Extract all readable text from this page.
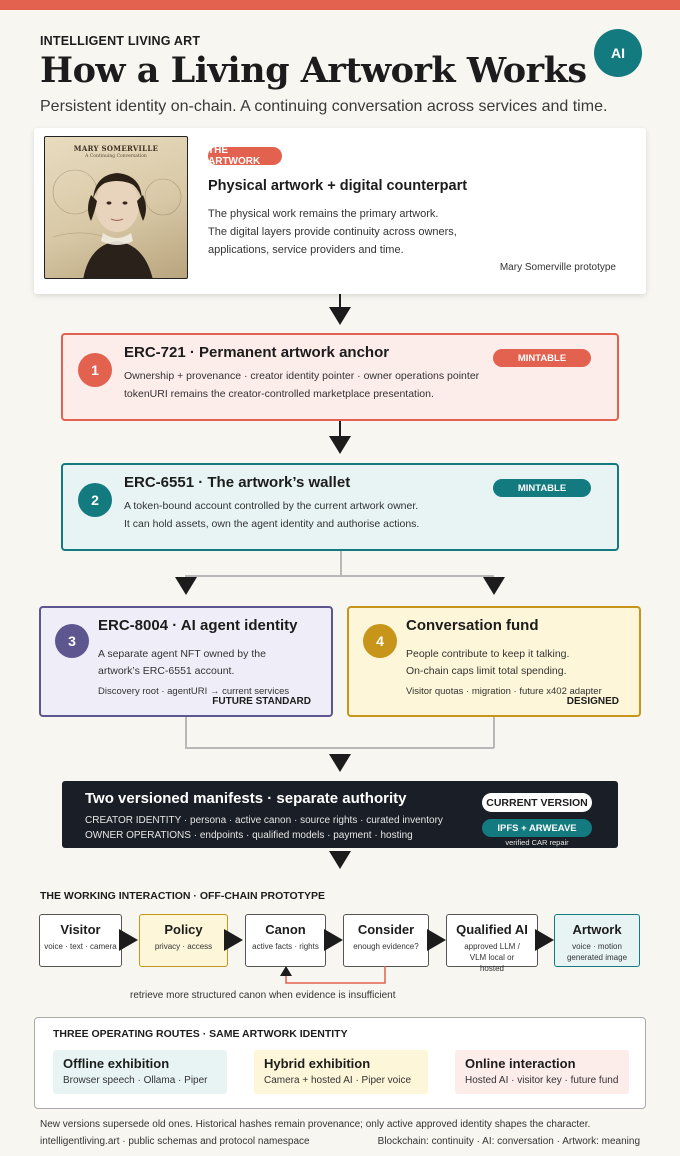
INTELLIGENT LIVING ART
How a Living Artwork Works
Persistent identity on-chain. A continuing conversation across services and time.
AI
MARY SOMERVILLE
A Continuing Conversation
THE ARTWORK
Physical artwork + digital counterpart
The physical work remains the primary artwork.
The digital layers provide continuity across owners,
applications, service providers and time.
Mary Somerville prototype
1
ERC-721 · Permanent artwork anchor
Ownership + provenance · creator identity pointer · owner operations pointer
tokenURI remains the creator-controlled marketplace presentation.
MINTABLE
2
ERC-6551 · The artwork’s wallet
A token-bound account controlled by the current artwork owner.
It can hold assets, own the agent identity and authorise actions.
MINTABLE
3
ERC-8004 · AI agent identity
A separate agent NFT owned by the
artwork’s ERC-6551 account.
Discovery root · agentURI → current services
FUTURE STANDARD
4
Conversation fund
People contribute to keep it talking.
On-chain caps limit total spending.
Visitor quotas · migration · future x402 adapter
DESIGNED
Two versioned manifests · separate authority
CREATOR IDENTITY · persona · active canon · source rights · curated inventory
OWNER OPERATIONS · endpoints · qualified models · payment · hosting
CURRENT VERSION
IPFS + ARWEAVE
verified CAR repair
THE WORKING INTERACTION · OFF-CHAIN PROTOTYPE
Visitor
voice · text · camera
Policy
privacy · access
Canon
active facts · rights
Consider
enough evidence?
Qualified AI
approved LLM / VLM local or hosted
Artwork
voice · motion generated image
retrieve more structured canon when evidence is insufficient
THREE OPERATING ROUTES · SAME ARTWORK IDENTITY
Offline exhibition
Browser speech · Ollama · Piper
Hybrid exhibition
Camera + hosted AI · Piper voice
Online interaction
Hosted AI · visitor key · future fund
New versions supersede old ones. Historical hashes remain provenance; only active approved identity shapes the character.
intelligentliving.art · public schemas and protocol namespace	Blockchain: continuity · AI: conversation · Artwork: meaning
